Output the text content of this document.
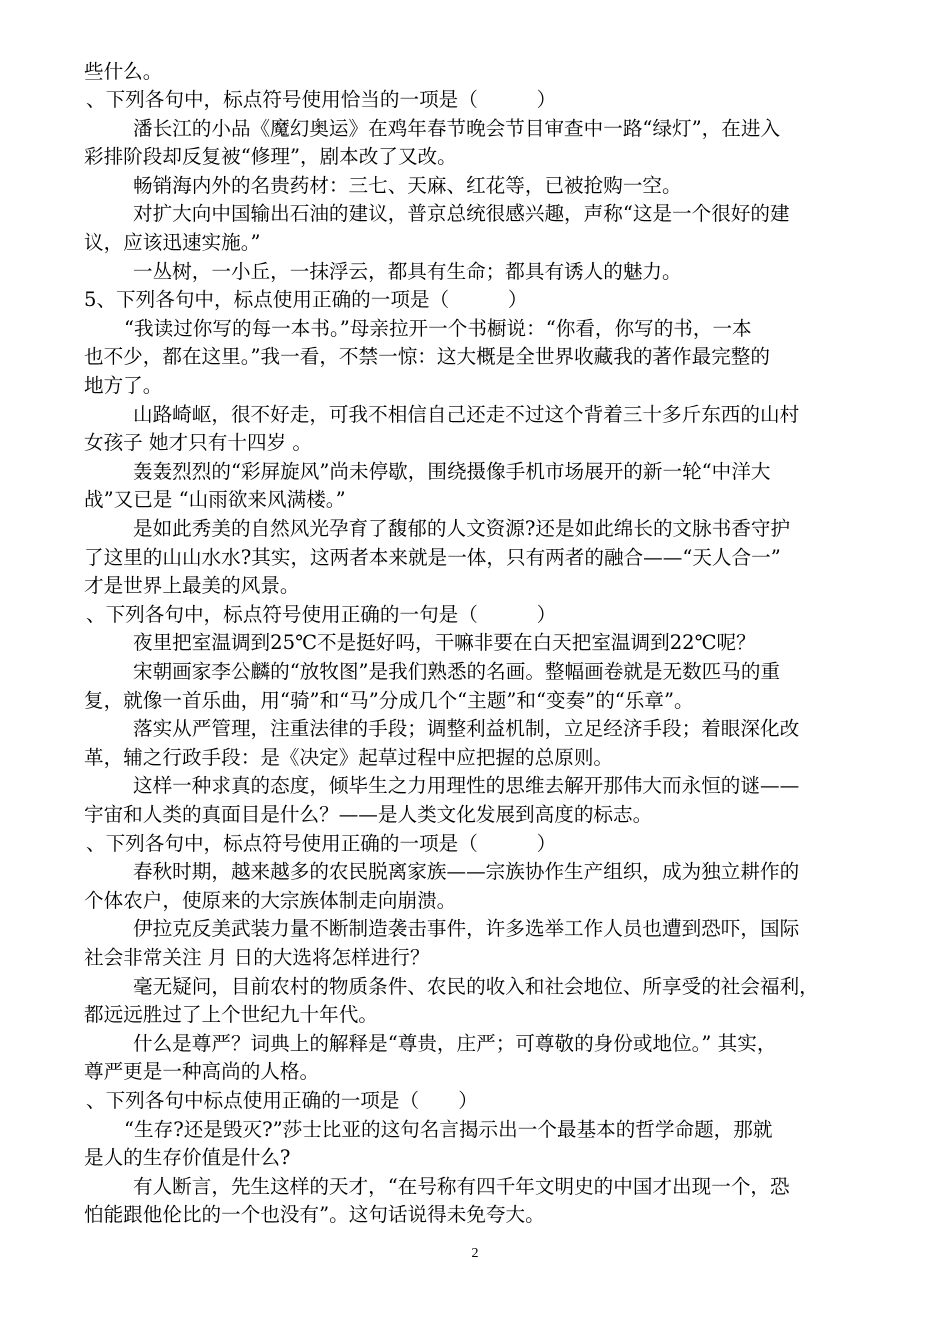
些什么。
、下列各句中，标点符号使用恰当的一项是（　　　）
潘长江的小品《魔幻奥运》在鸡年春节晚会节目审查中一路“绿灯”，在进入
彩排阶段却反复被“修理”，剧本改了又改。
畅销海内外的名贵药材：三七、天麻、红花等，已被抢购一空。
对扩大向中国输出石油的建议，普京总统很感兴趣，声称“这是一个很好的建
议，应该迅速实施。”
一丛树，一小丘，一抹浮云，都具有生命；都具有诱人的魅力。
5、下列各句中，标点使用正确的一项是（　　　）
“我读过你写的每一本书。”母亲拉开一个书橱说：“你看，你写的书，一本
也不少，都在这里。”我一看，不禁一惊：这大概是全世界收藏我的著作最完整的
地方了。
山路崎岖，很不好走，可我不相信自己还走不过这个背着三十多斤东西的山村
女孩子 她才只有十四岁 。
轰轰烈烈的“彩屏旋风”尚未停歇，围绕摄像手机市场展开的新一轮“中洋大
战”又已是 “山雨欲来风满楼。”
是如此秀美的自然风光孕育了馥郁的人文资源?还是如此绵长的文脉书香守护
了这里的山山水水?其实，这两者本来就是一体，只有两者的融合——“天人合一”
才是世界上最美的风景。
、下列各句中，标点符号使用正确的一句是（　　　）
夜里把室温调到25℃不是挺好吗，干嘛非要在白天把室温调到22℃呢？
宋朝画家李公麟的“放牧图”是我们熟悉的名画。整幅画卷就是无数匹马的重
复，就像一首乐曲，用“骑”和“马”分成几个“主题”和“变奏”的“乐章”。
落实从严管理，注重法律的手段；调整利益机制，立足经济手段；着眼深化改
革，辅之行政手段：是《决定》起草过程中应把握的总原则。
这样一种求真的态度，倾毕生之力用理性的思维去解开那伟大而永恒的谜——
宇宙和人类的真面目是什么？——是人类文化发展到高度的标志。
、下列各句中，标点符号使用正确的一项是（　　　）
春秋时期，越来越多的农民脱离家族——宗族协作生产组织，成为独立耕作的
个体农户，使原来的大宗族体制走向崩溃。
伊拉克反美武装力量不断制造袭击事件，许多选举工作人员也遭到恐吓，国际
社会非常关注 月 日的大选将怎样进行？
毫无疑问，目前农村的物质条件、农民的收入和社会地位、所享受的社会福利，
都远远胜过了上个世纪九十年代。
什么是尊严？词典上的解释是“尊贵，庄严；可尊敬的身份或地位。” 其实，
尊严更是一种高尚的人格。
、下列各句中标点使用正确的一项是（　　）
“生存?还是毁灭?”莎士比亚的这句名言揭示出一个最基本的哲学命题，那就
是人的生存价值是什么?
有人断言，先生这样的天才，“在号称有四千年文明史的中国才出现一个，恐
怕能跟他伦比的一个也没有”。这句话说得未免夸大。
2
